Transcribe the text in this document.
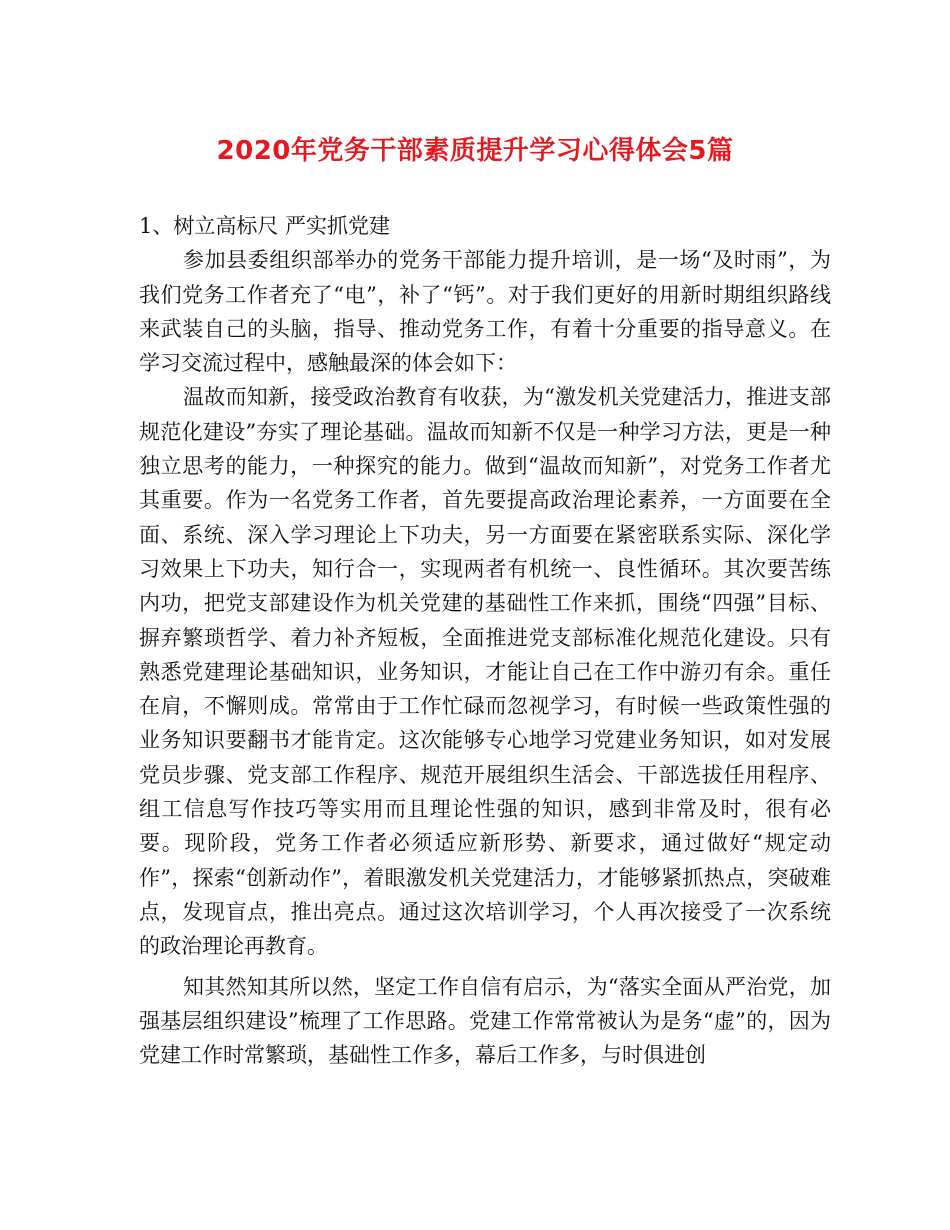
2020年党务干部素质提升学习心得体会5篇

1、树立高标尺 严实抓党建

参加县委组织部举办的党务干部能力提升培训，是一场“及时雨”，为我们党务工作者充了“电”，补了“钙”。对于我们更好的用新时期组织路线来武装自己的头脑，指导、推动党务工作，有着十分重要的指导意义。在学习交流过程中，感触最深的体会如下：

温故而知新，接受政治教育有收获，为“激发机关党建活力，推进支部规范化建设”夯实了理论基础。温故而知新不仅是一种学习方法，更是一种独立思考的能力，一种探究的能力。做到“温故而知新”，对党务工作者尤其重要。作为一名党务工作者，首先要提高政治理论素养，一方面要在全面、系统、深入学习理论上下功夫，另一方面要在紧密联系实际、深化学习效果上下功夫，知行合一，实现两者有机统一、良性循环。其次要苦练内功，把党支部建设作为机关党建的基础性工作来抓，围绕“四强”目标、摒弃繁琐哲学、着力补齐短板，全面推进党支部标准化规范化建设。只有熟悉党建理论基础知识，业务知识，才能让自己在工作中游刃有余。重任在肩，不懈则成。常常由于工作忙碌而忽视学习，有时候一些政策性强的业务知识要翻书才能肯定。这次能够专心地学习党建业务知识，如对发展党员步骤、党支部工作程序、规范开展组织生活会、干部选拔任用程序、组工信息写作技巧等实用而且理论性强的知识，感到非常及时，很有必要。现阶段，党务工作者必须适应新形势、新要求，通过做好“规定动作”，探索“创新动作”，着眼激发机关党建活力，才能够紧抓热点，突破难点，发现盲点，推出亮点。通过这次培训学习，个人再次接受了一次系统的政治理论再教育。

知其然知其所以然，坚定工作自信有启示，为“落实全面从严治党，加强基层组织建设”梳理了工作思路。党建工作常常被认为是务“虚”的，因为党建工作时常繁琐，基础性工作多，幕后工作多，与时俱进创
